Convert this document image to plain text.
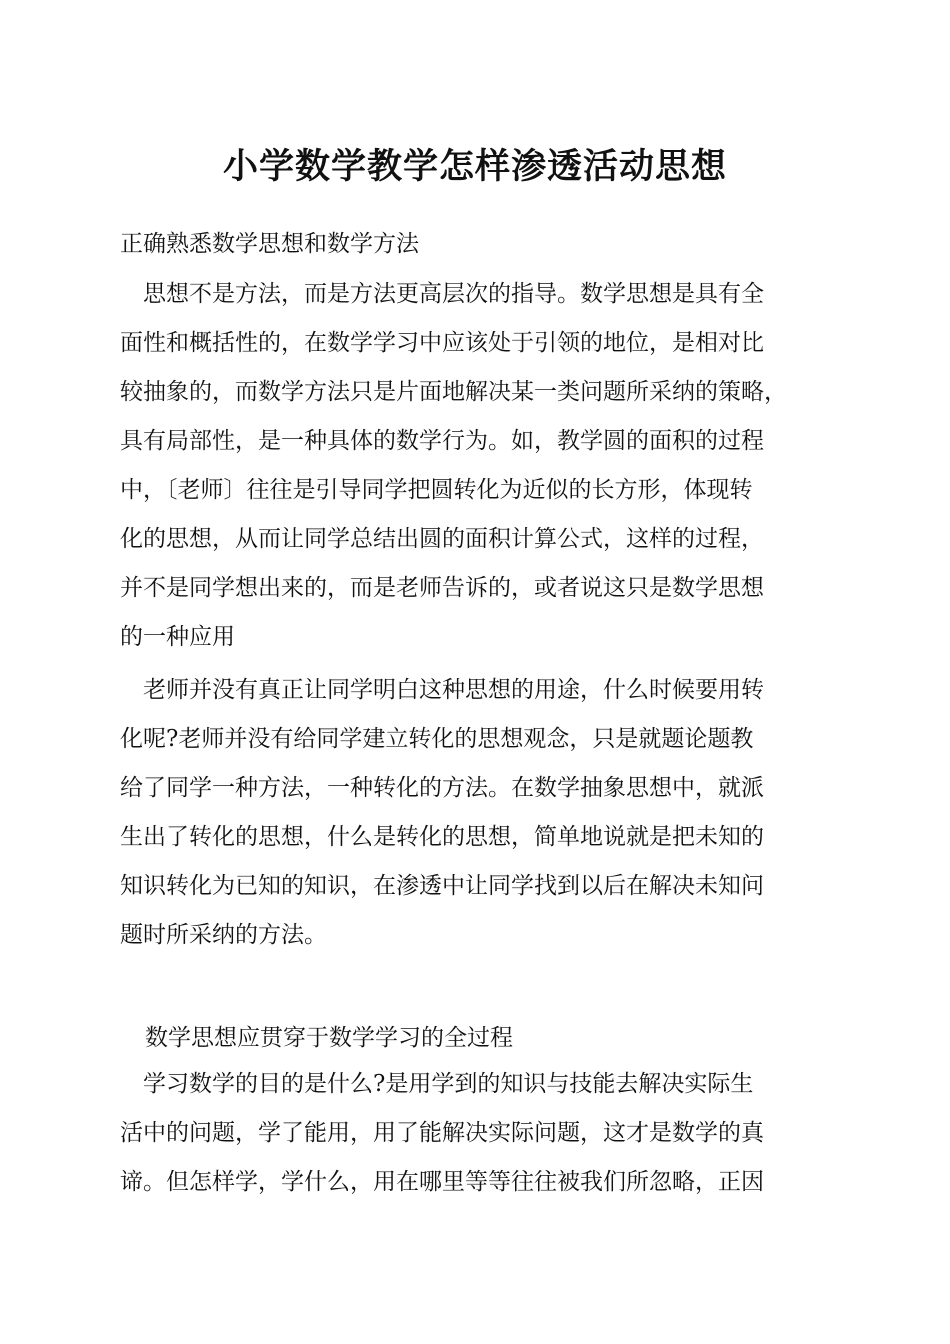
小学数学教学怎样渗透活动思想
正确熟悉数学思想和数学方法
　思想不是方法，而是方法更高层次的指导。数学思想是具有全
面性和概括性的，在数学学习中应该处于引领的地位，是相对比
较抽象的，而数学方法只是片面地解决某一类问题所采纳的策略，
具有局部性，是一种具体的数学行为。如，教学圆的面积的过程
中，〔老师〕往往是引导同学把圆转化为近似的长方形，体现转
化的思想，从而让同学总结出圆的面积计算公式，这样的过程，
并不是同学想出来的，而是老师告诉的，或者说这只是数学思想
的一种应用
　老师并没有真正让同学明白这种思想的用途，什么时候要用转
化呢?老师并没有给同学建立转化的思想观念，只是就题论题教
给了同学一种方法，一种转化的方法。在数学抽象思想中，就派
生出了转化的思想，什么是转化的思想，简单地说就是把未知的
知识转化为已知的知识，在渗透中让同学找到以后在解决未知问
题时所采纳的方法。
数学思想应贯穿于数学学习的全过程
　学习数学的目的是什么?是用学到的知识与技能去解决实际生
活中的问题，学了能用，用了能解决实际问题，这才是数学的真
谛。但怎样学，学什么，用在哪里等等往往被我们所忽略，正因
